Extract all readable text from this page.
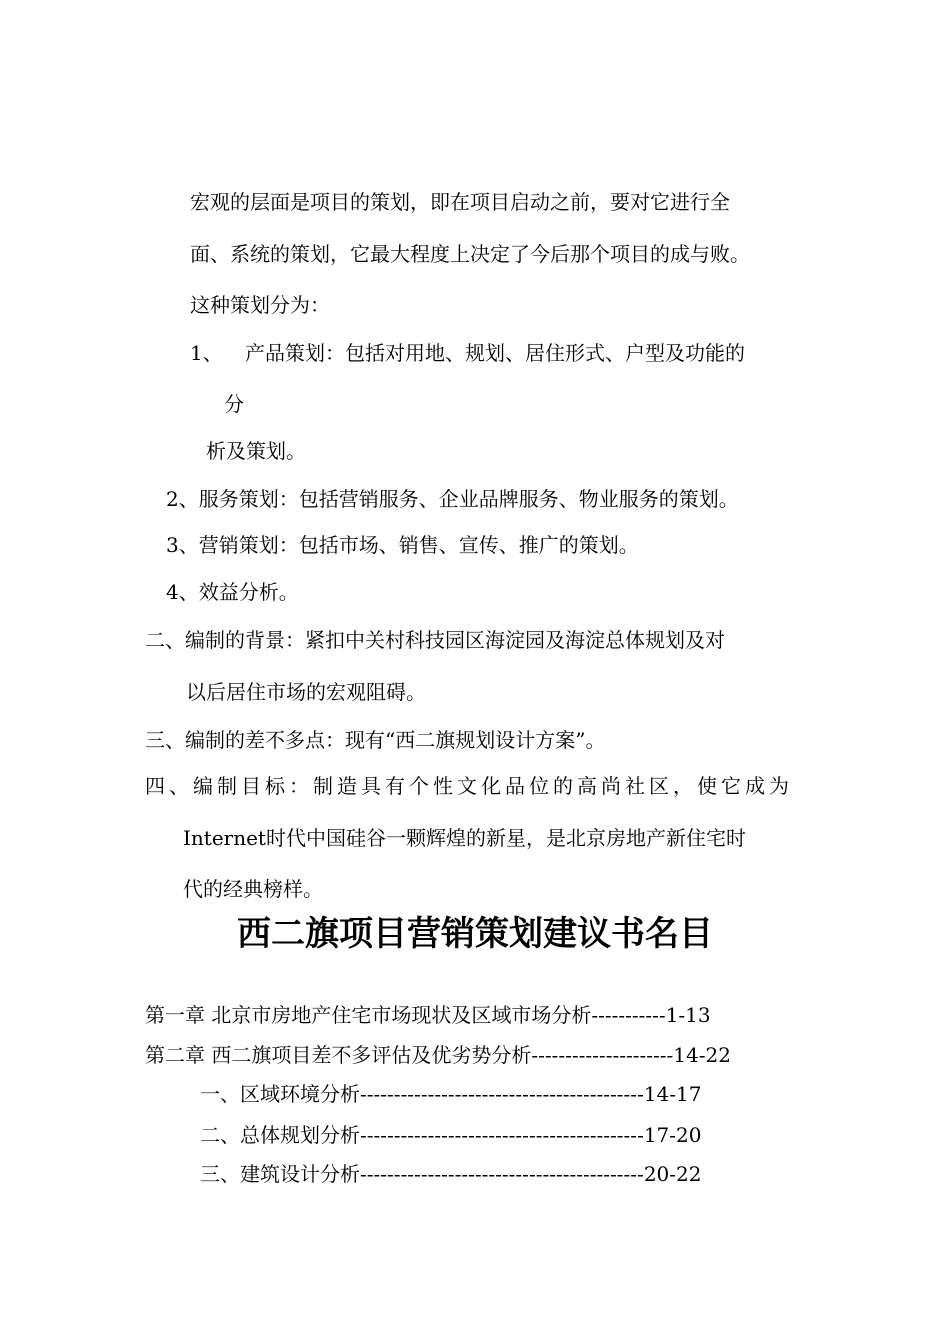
宏观的层面是项目的策划，即在项目启动之前，要对它进行全

面、系统的策划，它最大程度上决定了今后那个项目的成与败。

这种策划分为：

1、 产品策划：包括对用地、规划、居住形式、户型及功能的

分

析及策划。

2、服务策划：包括营销服务、企业品牌服务、物业服务的策划。

3、营销策划：包括市场、销售、宣传、推广的策划。

4、效益分析。

二、编制的背景：紧扣中关村科技园区海淀园及海淀总体规划及对

以后居住市场的宏观阻碍。

三、编制的差不多点：现有“西二旗规划设计方案”。

四、编制目标：制造具有个性文化品位的高尚社区，使它成为

Internet时代中国硅谷一颗辉煌的新星，是北京房地产新住宅时

代的经典榜样。

西二旗项目营销策划建议书名目

第一章 北京市房地产住宅市场现状及区域市场分析-----------1-13

第二章 西二旗项目差不多评估及优劣势分析---------------------14-22

一、区域环境分析------------------------------------------14-17

二、总体规划分析------------------------------------------17-20

三、建筑设计分析------------------------------------------20-22
